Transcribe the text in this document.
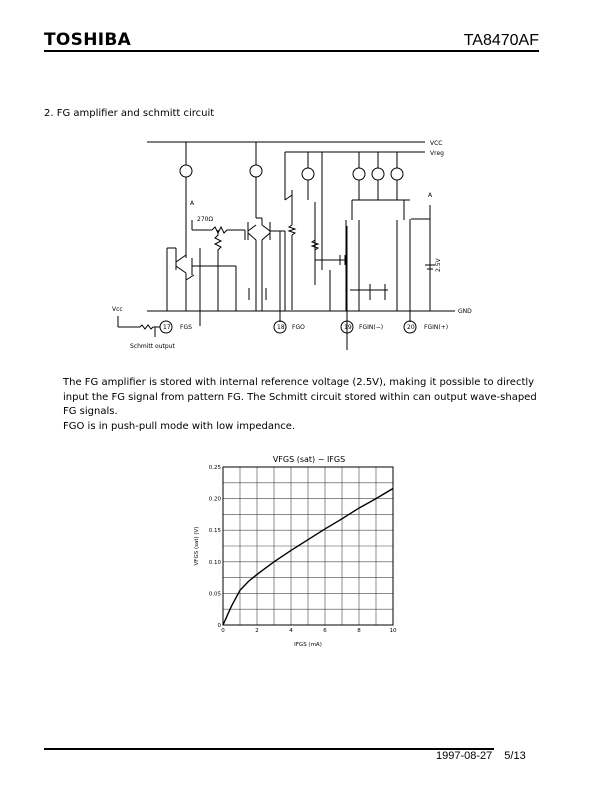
TOSHIBA	TA8470AF
2. FG amplifier and schmitt circuit
VCC
Vreg
GND
A
A
270Ω
2.5V
Vcc
Schmitt output
17 FGS	18 FGO	19 FGIN(−)	20 FGIN(+)

The FG amplifier is stored with internal reference voltage (2.5V), making it possible to directly input the FG signal from pattern FG. The Schmitt circuit stored within can output wave-shaped FG signals.

FGO is in push-pull mode with low impedance.

VFGS (sat) − IFGS
0
0.05
0.10
0.15
0.20
0.25
0	2	4	6	8	10
VFGS (sat) (V)
IFGS (mA)
1997-08-27 5/13
